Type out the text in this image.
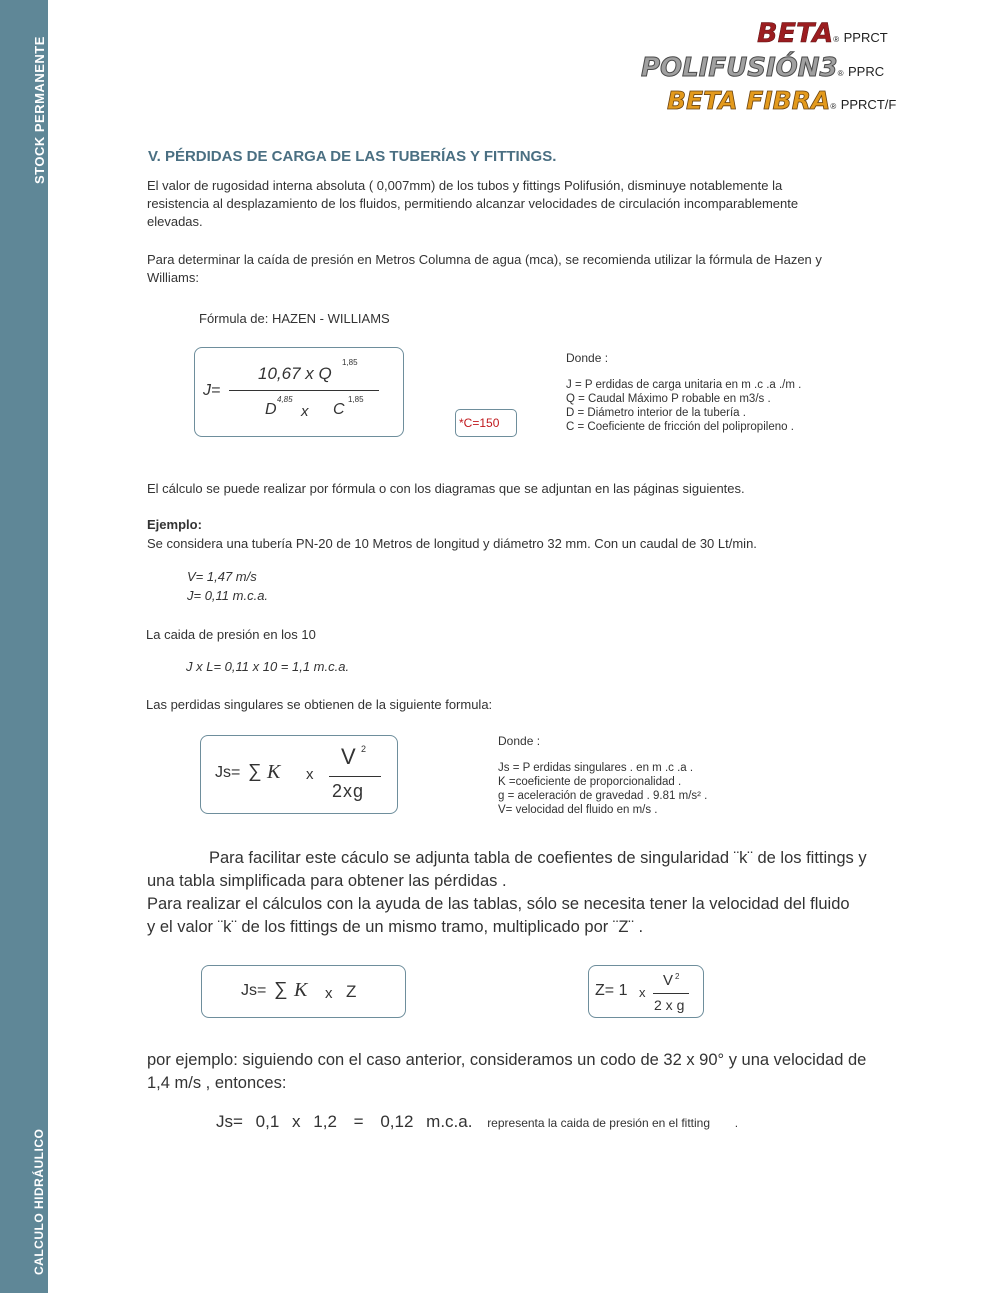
STOCK PERMANENTE
CALCULO HIDRÁULICO
BETA® PPRCT
POLIFUSIÓN3® PPRC
BETA FIBRA® PPRCT/F
V. PÉRDIDAS DE CARGA DE LAS TUBERÍAS Y FITTINGS.
El valor de rugosidad interna absoluta ( 0,007mm) de los tubos y fittings Polifusión, disminuye notablemente la
resistencia al desplazamiento de los fluidos, permitiendo alcanzar velocidades de circulación incomparablemente
elevadas.
Para determinar la caída de presión en Metros Columna de agua (mca), se recomienda utilizar la fórmula de Hazen y
Williams:
Fórmula de: HAZEN - WILLIAMS
J=
10,67 x Q
1,85
D
4,85
x C
1,85
*C=150
Donde :
J = P erdidas de carga unitaria en m .c .a ./m .
Q = Caudal Máximo P robable en m3/s .
D = Diámetro interior de la tubería .
C = Coeficiente de fricción del polipropileno .
El cálculo se puede realizar por fórmula o con los diagramas que se adjuntan en las páginas siguientes.
Ejemplo:
Se considera una tubería PN-20 de 10 Metros de longitud y diámetro 32 mm. Con un caudal de 30 Lt/min.
V= 1,47 m/s
J= 0,11 m.c.a.
La caida de presión en los 10
J x L= 0,11 x 10 = 1,1 m.c.a.
Las perdidas singulares se obtienen de la siguiente formula:
Js= ∑ K x
V 2
2xg
Donde :
Js = P erdidas singulares . en m .c .a .
K =coeficiente de proporcionalidad .
g = aceleración de gravedad . 9.81 m/s² .
V= velocidad del fluido en m/s .
Para facilitar este cáculo se adjunta tabla de coefientes de singularidad ¨k¨ de los fittings y
una tabla simplificada para obtener las pérdidas .
Para realizar el cálculos con la ayuda de las tablas, sólo se necesita tener la velocidad del fluido
y el valor ¨k¨ de los fittings de un mismo tramo, multiplicado por ¨Z¨ .
Js= ∑ K x Z	Z= 1 x
V 2
2 x g
por ejemplo: siguiendo con el caso anterior, consideramos un codo de 32 x 90° y una velocidad de
1,4 m/s , entonces:
Js= 0,1 x 1,2 = 0,12 m.c.a. representa la caida de presión en el fitting .
